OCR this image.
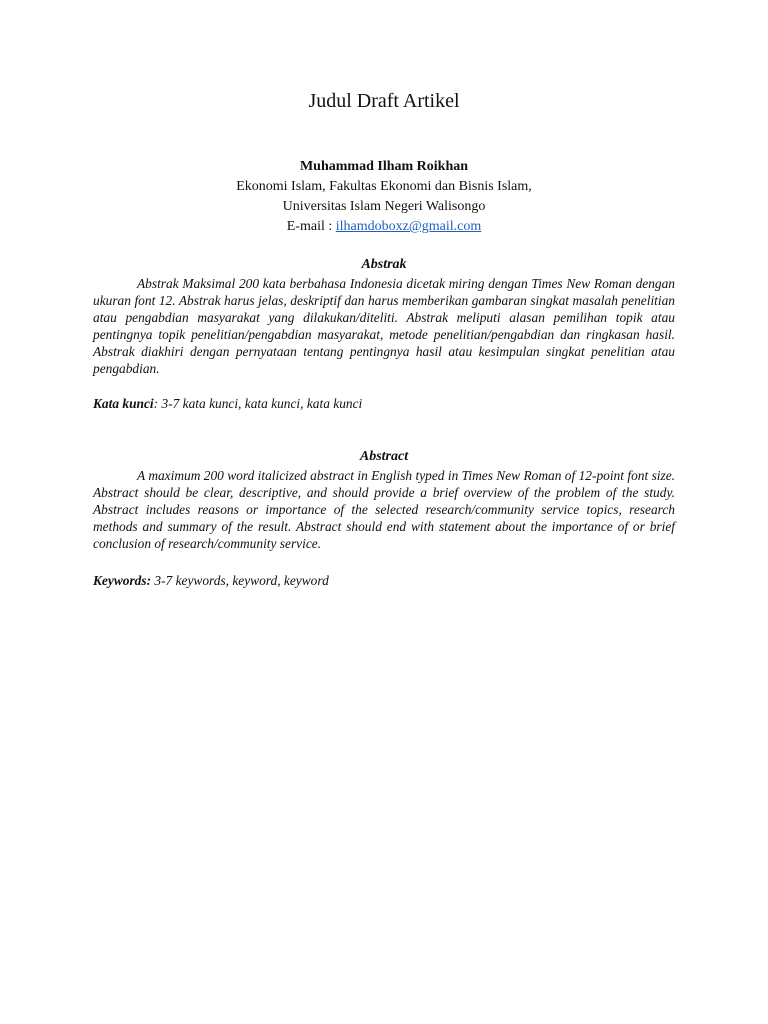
Judul Draft Artikel
Muhammad Ilham Roikhan
Ekonomi Islam, Fakultas Ekonomi dan Bisnis Islam,
Universitas Islam Negeri Walisongo
E-mail : ilhamdoboxz@gmail.com
Abstrak

Abstrak Maksimal 200 kata berbahasa Indonesia dicetak miring dengan Times New Roman dengan ukuran font 12. Abstrak harus jelas, deskriptif dan harus memberikan gambaran singkat masalah penelitian atau pengabdian masyarakat yang dilakukan/diteliti. Abstrak meliputi alasan pemilihan topik atau pentingnya topik penelitian/pengabdian masyarakat, metode penelitian/pengabdian dan ringkasan hasil. Abstrak diakhiri dengan pernyataan tentang pentingnya hasil atau kesimpulan singkat penelitian atau pengabdian.

Kata kunci: 3-7 kata kunci, kata kunci, kata kunci

Abstract

A maximum 200 word italicized abstract in English typed in Times New Roman of 12-point font size. Abstract should be clear, descriptive, and should provide a brief overview of the problem of the study. Abstract includes reasons or importance of the selected research/community service topics, research methods and summary of the result. Abstract should end with statement about the importance of or brief conclusion of research/community service.

Keywords: 3-7 keywords, keyword, keyword
